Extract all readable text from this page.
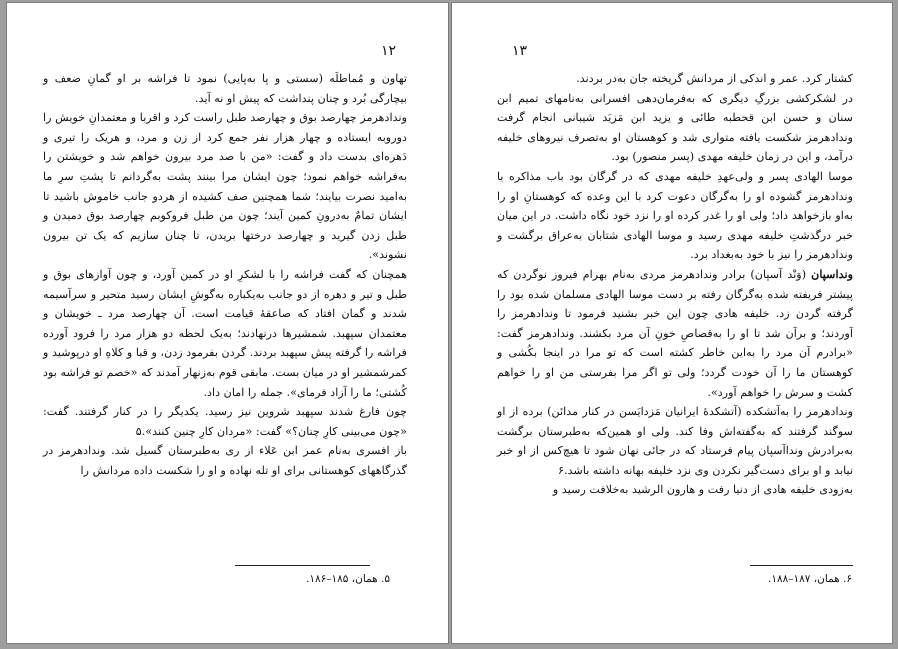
۱۲

تهاون و مُماطلَه (سستی و پا به‌پایی) نمود تا فراشه بر او گمانِ ضعف و بیچارگی بُرد و چنان پنداشت که پیش او نه آید.

ونداد‌هرمز چهارصد بوق و چهارصد طبل راست کرد و اقربا و معتمدانِ خویش را دوروبه ایستاده و چهار هزار نفر جمع کرد از زن و مرد، و هریک را تیری و دَهره‌ای بدست داد و گفت: «من با صد مرد بیرون خواهم شد و خویشتن را به‌فراشه خواهم نمود؛ چون ایشان مرا بینند پشت به‌گردانم تا پشتِ سرِ ما به‌امید نصرت بیایند؛ شما همچنین صف کشیده از هردو جانب خاموش باشید تا ایشان تمامٌ به‌درونِ کمین آیند؛ چون من طبل فروکوبم چهارصد بوق دمیدن و طبل زدن گیرید و چهارصد درختها بریدن، تا چنان سازیم که یک تن بیرون نشوند».

همچنان که گفت فراشه را با لشکرِ او در کمین آورد، و چون آوازهای بوق و طبل و تیر و دهره از دو جانب به‌یکباره به‌گوشِ ایشان رسید متحیر و سرآسیمه شدند و گمان افتاد که صاعقهٔ قیامت است. آن چهارصد مرد ـ خویشان و معتمدان سپهبد. شمشیرها درنهادند؛ به‌یک لحظه دو هزار مرد را فرود آورده فراشه را گرفته پیش سپهبد بردند. گردن بفرمود زدن، و قبا و کلاهِ او درپوشید و کمرشمشیر او در میان بست. مابقی قوم به‌زنهار آمدند که «خصم تو فراشه بود کُشتی؛ ما را آزاد فرمای». جمله را امان داد.

چون فارغ شدند سپهبد شروین نیز رسید. یکدیگر را در کنار گرفتند. گفت: «چون می‌بینی کارِ چنان؟» گفت: «مردان کارِ چنین کنند».۵

باز افسری به‌نام عمر ابن عَلاء از ری به‌طبرستان گسیل شد. ونداد‌هرمز در گذرگاههای کوهستانی برای او تله نهاده و او را شکست داده مردانش را

۵. همان، ۱۸۵–۱۸۶.
۱۳

کشتار کرد. عمر و اندکی از مردانش گریخته جان به‌در بردند.

در لشکرکشی بزرگِ دیگری که به‌فرمان‌دهی افسرانی به‌نامهای تمیم ابن سنان و حسن ابن قحطبه طائی و یزید ابن مَزیَد شیبانی انجام گرفت ونداد‌هرمز شکست یافته متواری شد و کوهستان او به‌تصرف نیروهای خلیفه درآمد، و این در زمان خلیفه مهدی (پسر منصور) بود.

موسا الهادی پسر و ولی‌عهدِ خلیفه مهدی که در گرگان بود باب مذاکره با ونداد‌هرمز گشوده او را به‌گرگان دعوت کرد با این وعده که کوهستانِ او را به‌او بازخواهد داد؛ ولی او را غدر کرده او را نزد خود نگاه داشت. در این میان خبر درگذشتِ خلیفه مهدی رسید و موسا الهادی شتابان به‌عراق برگشت و ونداد‌هرمز را نیز با خود به‌بغداد برد.

ونداسپان (وَنْد آسپان) برادر ونداد‌هرمز مردی به‌نام بهرام فیروز نوگردن که پیشتر فریفته شده به‌گرگان رفته بر دست موسا الهادی مسلمان شده بود را گرفته گردن زد. خلیفه هادی چون این خبر بشنید فرمود تا ونداد‌هرمز را آوردند؛ و برآن شد تا او را به‌قصاصِ خونِ آن مرد بکشند. ونداد‌هرمز گفت: «برادرم آن مرد را به‌این خاطر کشته است که تو مرا در اینجا بکُشی و کوهستان ما را آن خودت گردد؛ ولی تو اگر مرا بفرستی من او را خواهم کشت و سرش را خواهم آورد».

ونداد‌هرمز را به‌آتشکده (آتشکدهٔ ایرانیان مَزدایَسن در کنار مدائن) برده از او سوگند گرفتند که به‌گفته‌اش وفا کند. ولی او همین‌که به‌طبرستان برگشت به‌برادرش ونداآسپان پیام فرستاد که در جائی نهان شود تا هیچ‌کس از او خبر نیابد و او برای دست‌گیر نکردن وی نزد خلیفه بهانه داشته باشد.۶

به‌زودی خلیفه هادی از دنیا رفت و هارون الرشید به‌خلافت رسید و

۶. همان، ۱۸۷–۱۸۸.
